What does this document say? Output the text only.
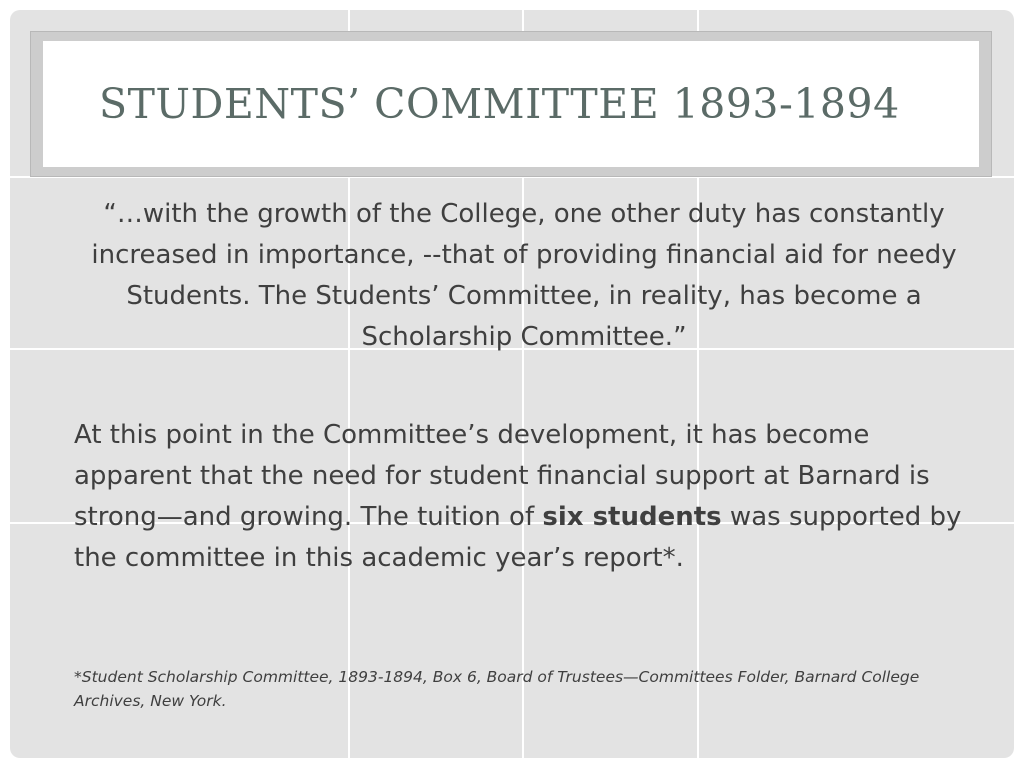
STUDENTS’ COMMITTEE 1893-1894

“…with the growth of the College, one other duty has constantly increased in importance, --that of providing financial aid for needy Students. The Students’ Committee, in reality, has become a Scholarship Committee.”

At this point in the Committee’s development, it has become apparent that the need for student financial support at Barnard is strong—and growing. The tuition of six students was supported by the committee in this academic year’s report*.

*Student Scholarship Committee, 1893-1894, Box 6, Board of Trustees—Committees Folder, Barnard College Archives, New York.
